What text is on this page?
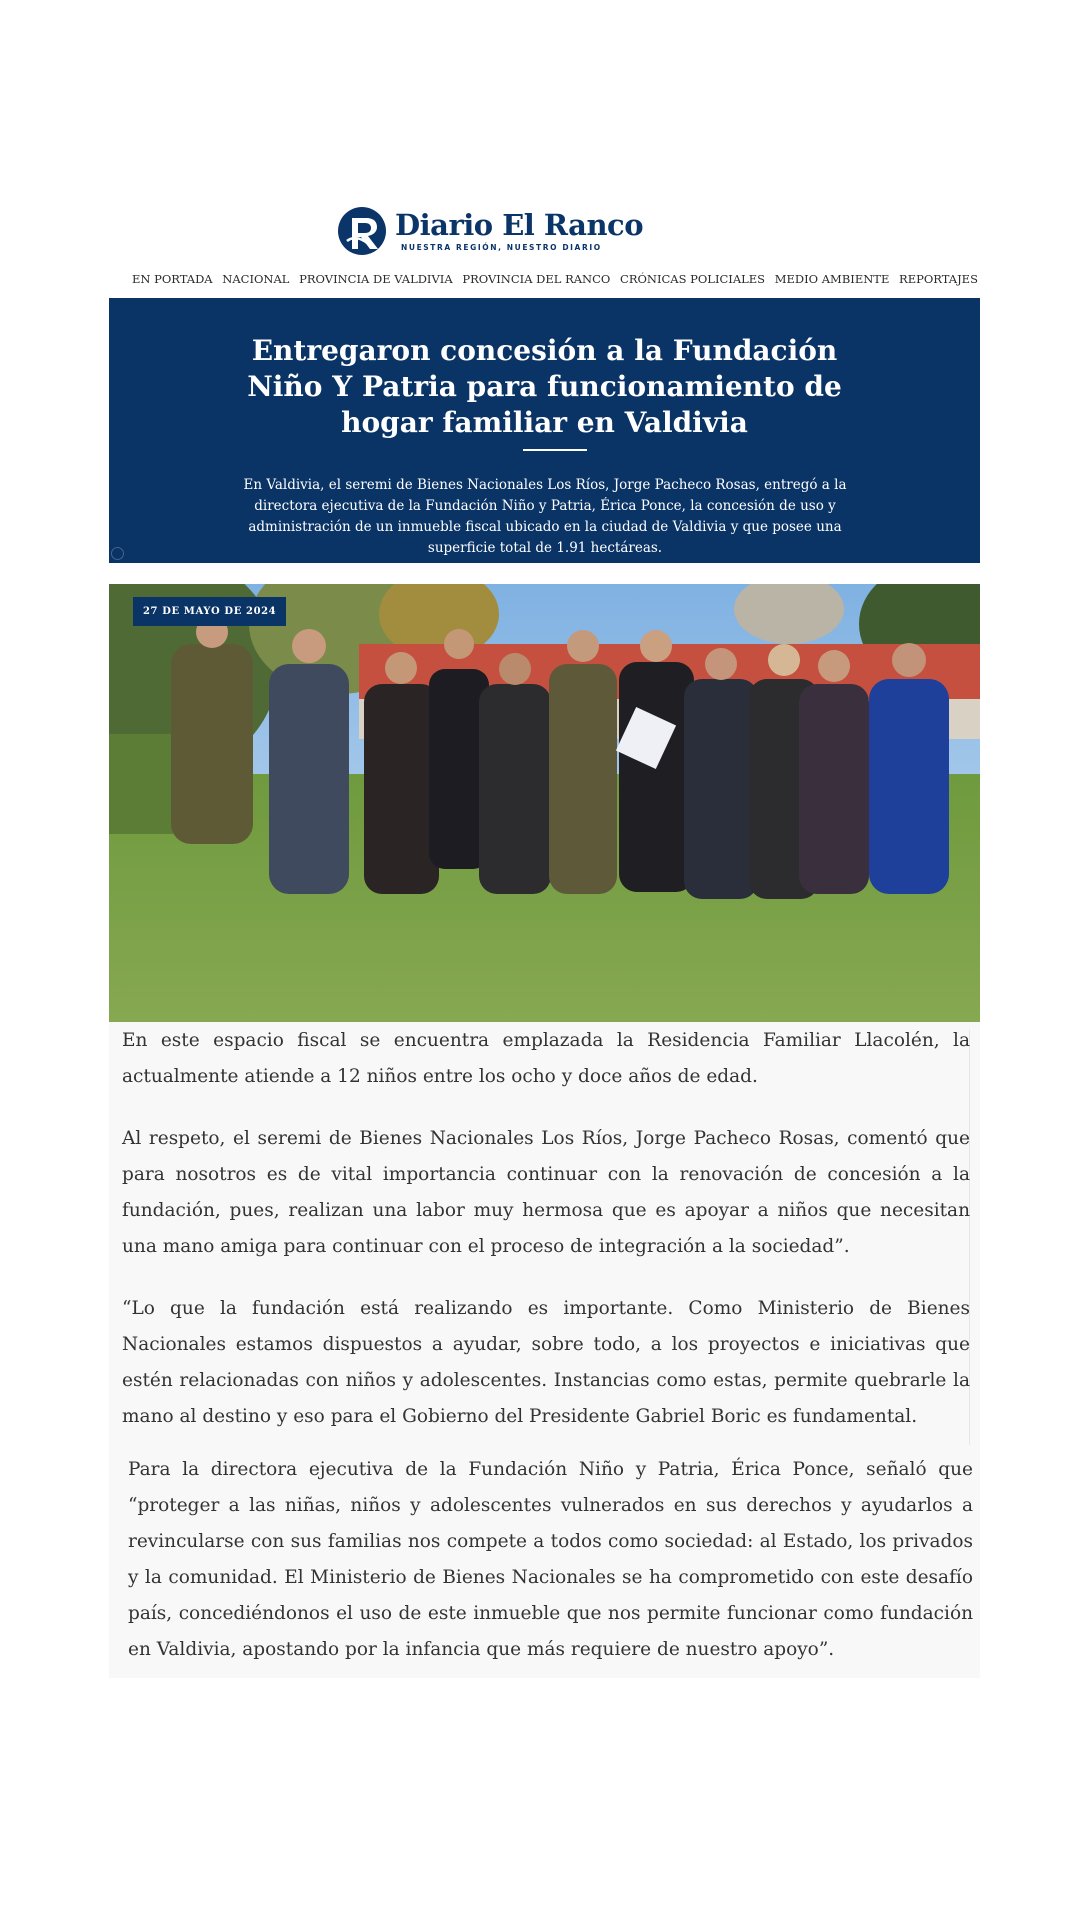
Diario El Ranco
NUESTRA REGIÓN, NUESTRO DIARIO
EN PORTADA NACIONAL PROVINCIA DE VALDIVIA PROVINCIA DEL RANCO CRÓNICAS POLICIALES MEDIO AMBIENTE REPORTAJES
Entregaron concesión a la Fundación Niño Y Patria para funcionamiento de hogar familiar en Valdivia

En Valdivia, el seremi de Bienes Nacionales Los Ríos, Jorge Pacheco Rosas, entregó a la directora ejecutiva de la Fundación Niño y Patria, Érica Ponce, la concesión de uso y administración de un inmueble fiscal ubicado en la ciudad de Valdivia y que posee una superficie total de 1.91 hectáreas.

27 DE MAYO DE 2024

En este espacio fiscal se encuentra emplazada la Residencia Familiar Llacolén, la actualmente atiende a 12 niños entre los ocho y doce años de edad.

Al respeto, el seremi de Bienes Nacionales Los Ríos, Jorge Pacheco Rosas, comentó que para nosotros es de vital importancia continuar con la renovación de concesión a la fundación, pues, realizan una labor muy hermosa que es apoyar a niños que necesitan una mano amiga para continuar con el proceso de integración a la sociedad”.

“Lo que la fundación está realizando es importante. Como Ministerio de Bienes Nacionales estamos dispuestos a ayudar, sobre todo, a los proyectos e iniciativas que estén relacionadas con niños y adolescentes. Instancias como estas, permite quebrarle la mano al destino y eso para el Gobierno del Presidente Gabriel Boric es fundamental.

Para la directora ejecutiva de la Fundación Niño y Patria, Érica Ponce, señaló que “proteger a las niñas, niños y adolescentes vulnerados en sus derechos y ayudarlos a revincularse con sus familias nos compete a todos como sociedad: al Estado, los privados y la comunidad. El Ministerio de Bienes Nacionales se ha comprometido con este desafío país, concediéndonos el uso de este inmueble que nos permite funcionar como fundación en Valdivia, apostando por la infancia que más requiere de nuestro apoyo”.
